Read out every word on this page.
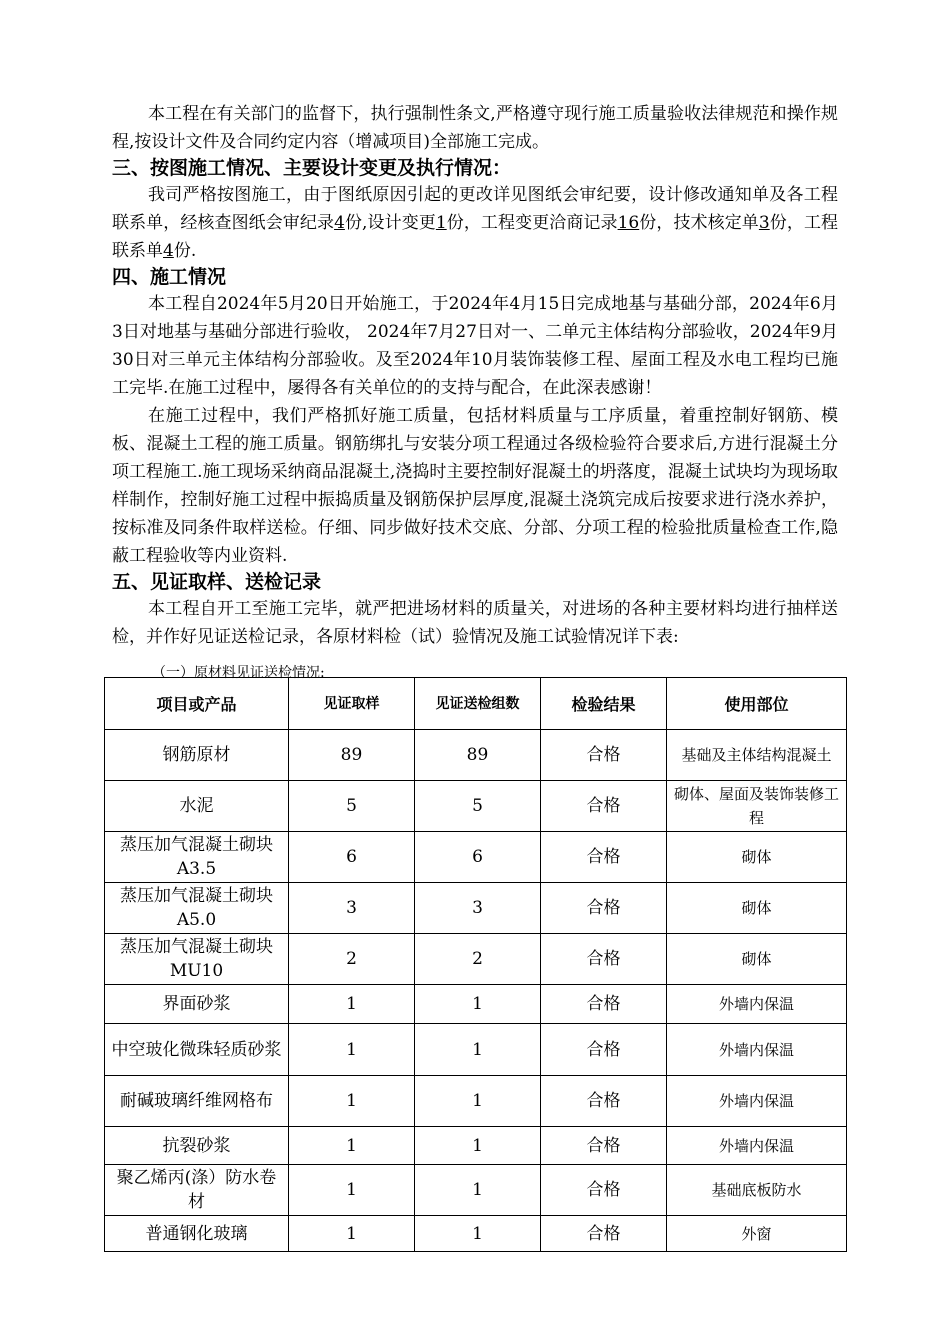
本工程在有关部门的监督下，执行强制性条文,严格遵守现行施工质量验收法律规范和操作规程,按设计文件及合同约定内容（增减项目)全部施工完成。

三、按图施工情况、主要设计变更及执行情况：

我司严格按图施工，由于图纸原因引起的更改详见图纸会审纪要，设计修改通知单及各工程联系单，经核查图纸会审纪录4份,设计变更1份，工程变更洽商记录16份，技术核定单3份，工程联系单4份.

四、施工情况

本工程自2024年5月20日开始施工，于2024年4月15日完成地基与基础分部，2024年6月3日对地基与基础分部进行验收， 2024年7月27日对一、二单元主体结构分部验收，2024年9月30日对三单元主体结构分部验收。及至2024年10月装饰装修工程、屋面工程及水电工程均已施工完毕.在施工过程中，屡得各有关单位的的支持与配合，在此深表感谢！

在施工过程中，我们严格抓好施工质量，包括材料质量与工序质量，着重控制好钢筋、模板、混凝土工程的施工质量。钢筋绑扎与安装分项工程通过各级检验符合要求后,方进行混凝土分项工程施工.施工现场采纳商品混凝土,浇捣时主要控制好混凝土的坍落度，混凝土试块均为现场取样制作，控制好施工过程中振捣质量及钢筋保护层厚度,混凝土浇筑完成后按要求进行浇水养护，按标准及同条件取样送检。仔细、同步做好技术交底、分部、分项工程的检验批质量检查工作,隐蔽工程验收等内业资料.

五、见证取样、送检记录

本工程自开工至施工完毕，就严把进场材料的质量关，对进场的各种主要材料均进行抽样送检，并作好见证送检记录，各原材料检（试）验情况及施工试验情况详下表:

（一）原材料见证送检情况:

项目或产品	见证取样	见证送检组数	检验结果	使用部位
钢筋原材	89	89	合格	基础及主体结构混凝土
水泥	5	5	合格	砌体、屋面及装饰装修工程
蒸压加气混凝土砌块A3.5	6	6	合格	砌体
蒸压加气混凝土砌块A5.0	3	3	合格	砌体
蒸压加气混凝土砌块MU10	2	2	合格	砌体
界面砂浆	1	1	合格	外墙内保温
中空玻化微珠轻质砂浆	1	1	合格	外墙内保温
耐碱玻璃纤维网格布	1	1	合格	外墙内保温
抗裂砂浆	1	1	合格	外墙内保温
聚乙烯丙(涤）防水卷材	1	1	合格	基础底板防水
普通钢化玻璃	1	1	合格	外窗
